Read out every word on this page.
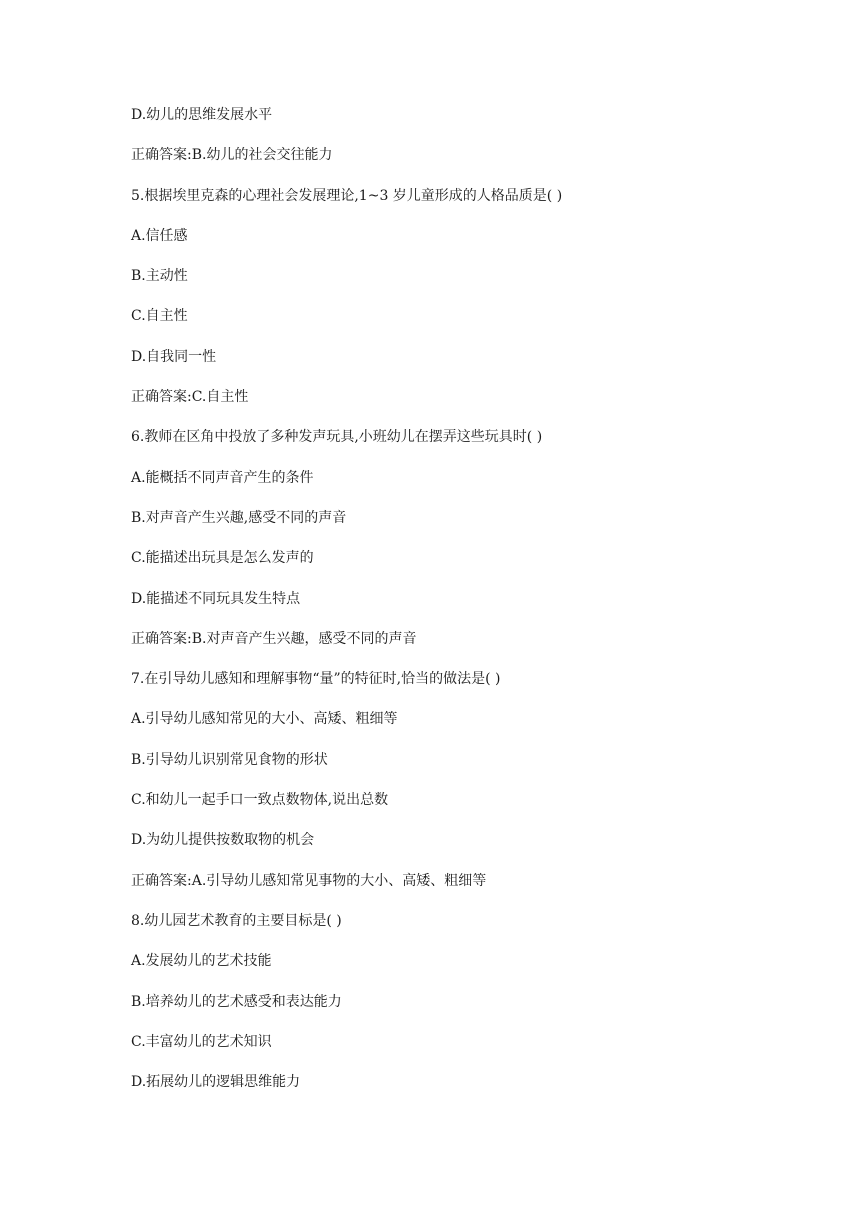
D.幼儿的思维发展水平
正确答案:B.幼儿的社会交往能力
5.根据埃里克森的心理社会发展理论,1~3 岁儿童形成的人格品质是( )
A.信任感
B.主动性
C.自主性
D.自我同一性
正确答案:C.自主性
6.教师在区角中投放了多种发声玩具,小班幼儿在摆弄这些玩具时( )
A.能概括不同声音产生的条件
B.对声音产生兴趣,感受不同的声音
C.能描述出玩具是怎么发声的
D.能描述不同玩具发生特点
正确答案:B.对声音产生兴趣，感受不同的声音
7.在引导幼儿感知和理解事物“量”的特征时,恰当的做法是( )
A.引导幼儿感知常见的大小、高矮、粗细等
B.引导幼儿识别常见食物的形状
C.和幼儿一起手口一致点数物体,说出总数
D.为幼儿提供按数取物的机会
正确答案:A.引导幼儿感知常见事物的大小、高矮、粗细等
8.幼儿园艺术教育的主要目标是( )
A.发展幼儿的艺术技能
B.培养幼儿的艺术感受和表达能力
C.丰富幼儿的艺术知识
D.拓展幼儿的逻辑思维能力
